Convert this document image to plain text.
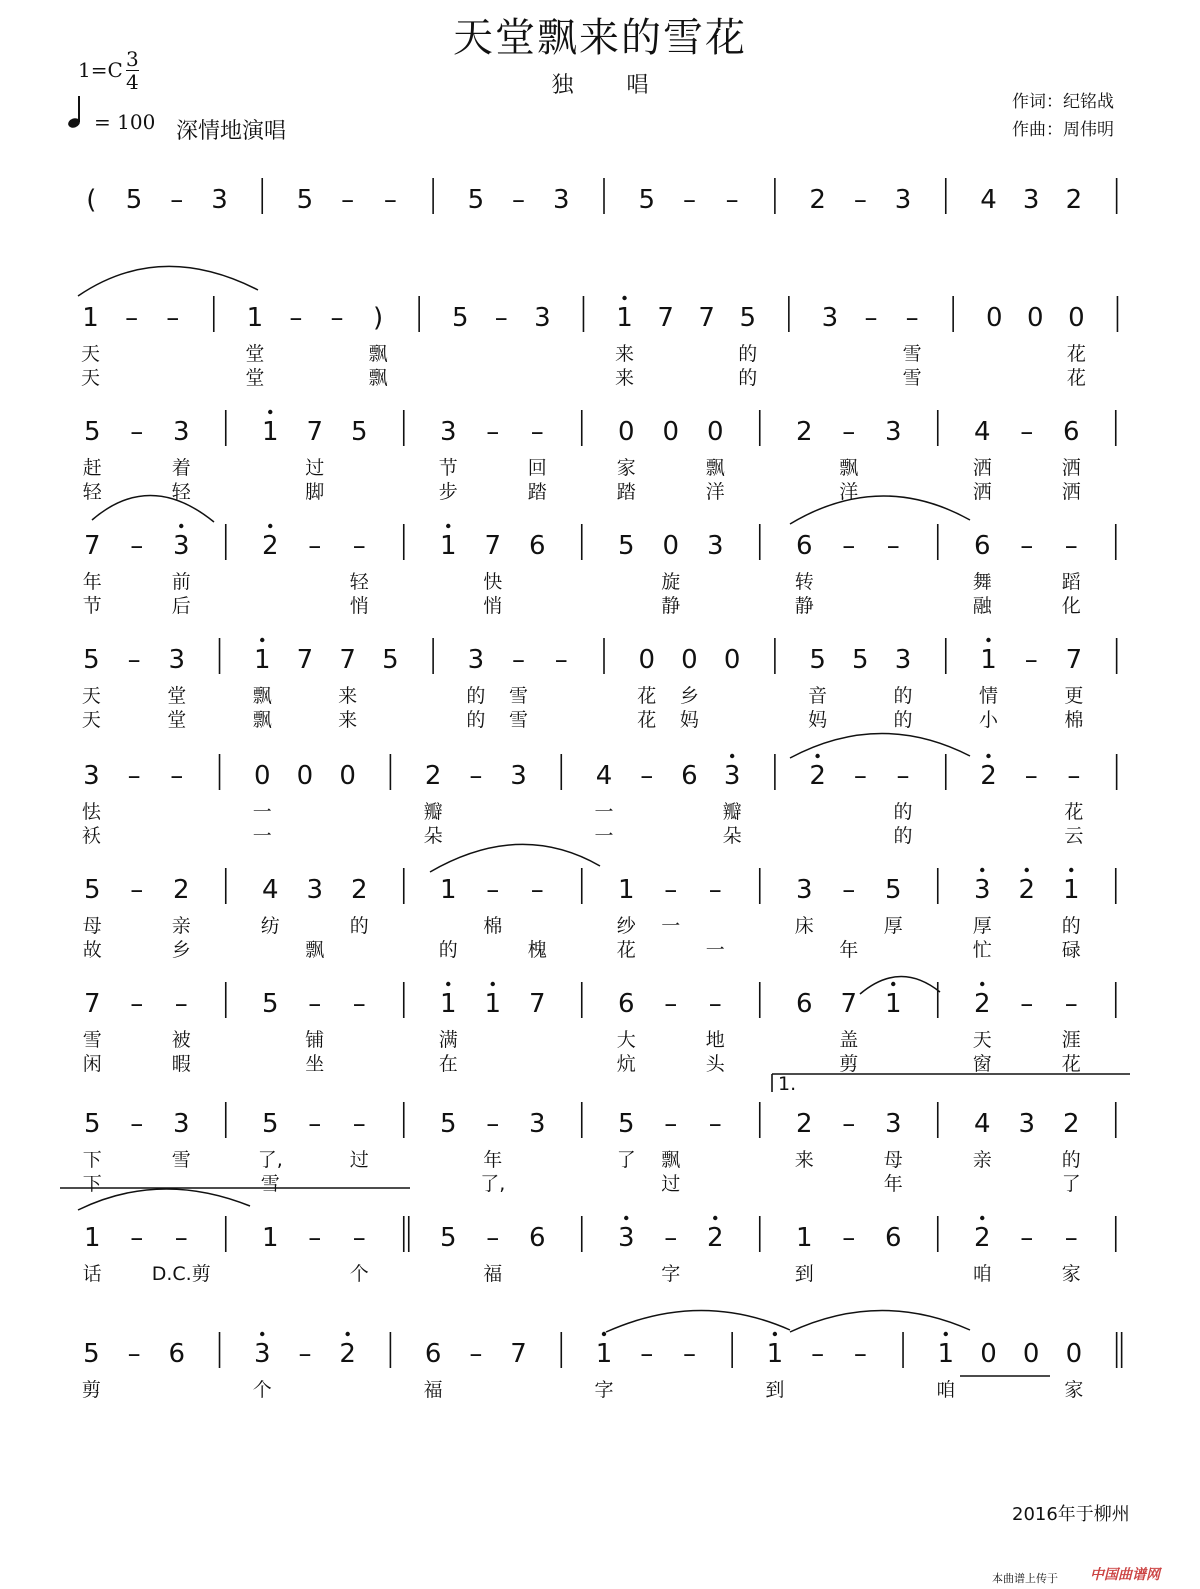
天堂飘来的雪花
独 唱
1=C 3
4
= 100 深情地演唱
作词：纪铭战
作曲：周伟明
( 5 – 3	5 – –	5 – 3	5 – –	2 – 3	4 3 2
1 – –	1 – – )	5 – 3	1 7 7 5	3 – –	0 0 0
天	堂	飘	来	的	雪	花
天	堂	飘	来	的	雪	花
5 – 3	1 7 5	3 – –	0 0 0	2 – 3	4 – 6
赶	着	过	节	回	家	飘	飘	洒	洒
轻	轻	脚	步	踏	踏	洋	洋	洒	洒
7 – 3	2 – –	1 7 6	5 0 3	6 – –	6 – –
年	前	轻	快	旋	转	舞	蹈
节	后	悄	悄	静	静	融	化
5 – 3	1 7 7 5	3 – –	0 0 0	5 5 3	1 – 7
天	堂	飘	来	的 雪	花 乡	音	的	情	更
天	堂	飘	来	的 雪	花 妈	妈	的	小	棉
3 – –	0 0 0	2 – 3	4 – 6 3	2 – –	2 – –
怯	一	瓣	一	瓣	的	花
袄	一	朵	一	朵	的	云
5 – 2	4 3 2	1 – –	1 – –	3 – 5	3 2 1
母	亲	纺	的	棉	纱 一	床	厚	厚	的
故	乡	飘	的	槐	花	一	年	忙	碌
7 – –	5 – –	1 1 7	6 – –	6 7 1	2 – –
雪	被	铺	满	大	地	盖	天	涯
闲	暇	坐	在	炕	头	剪	窗	花
5 – 3	5 – –	5 – 3	5 – –	2 – 3	4 3 2
下	雪	了,	过	年	了 飘	来	母	亲	的
下	雪	了,	过	年	了
1 – –	1 – –	5 – 6	3 – 2	1 – 6	2 – –
话	D.C.剪	个	福	字	到	咱	家
5 – 6	3 – 2	6 – 7	1 – –	1 – –	1 0 0 0
剪	个	福	字	到	咱	家
1.
2016年于柳州
本曲谱上传于 中国曲谱网
